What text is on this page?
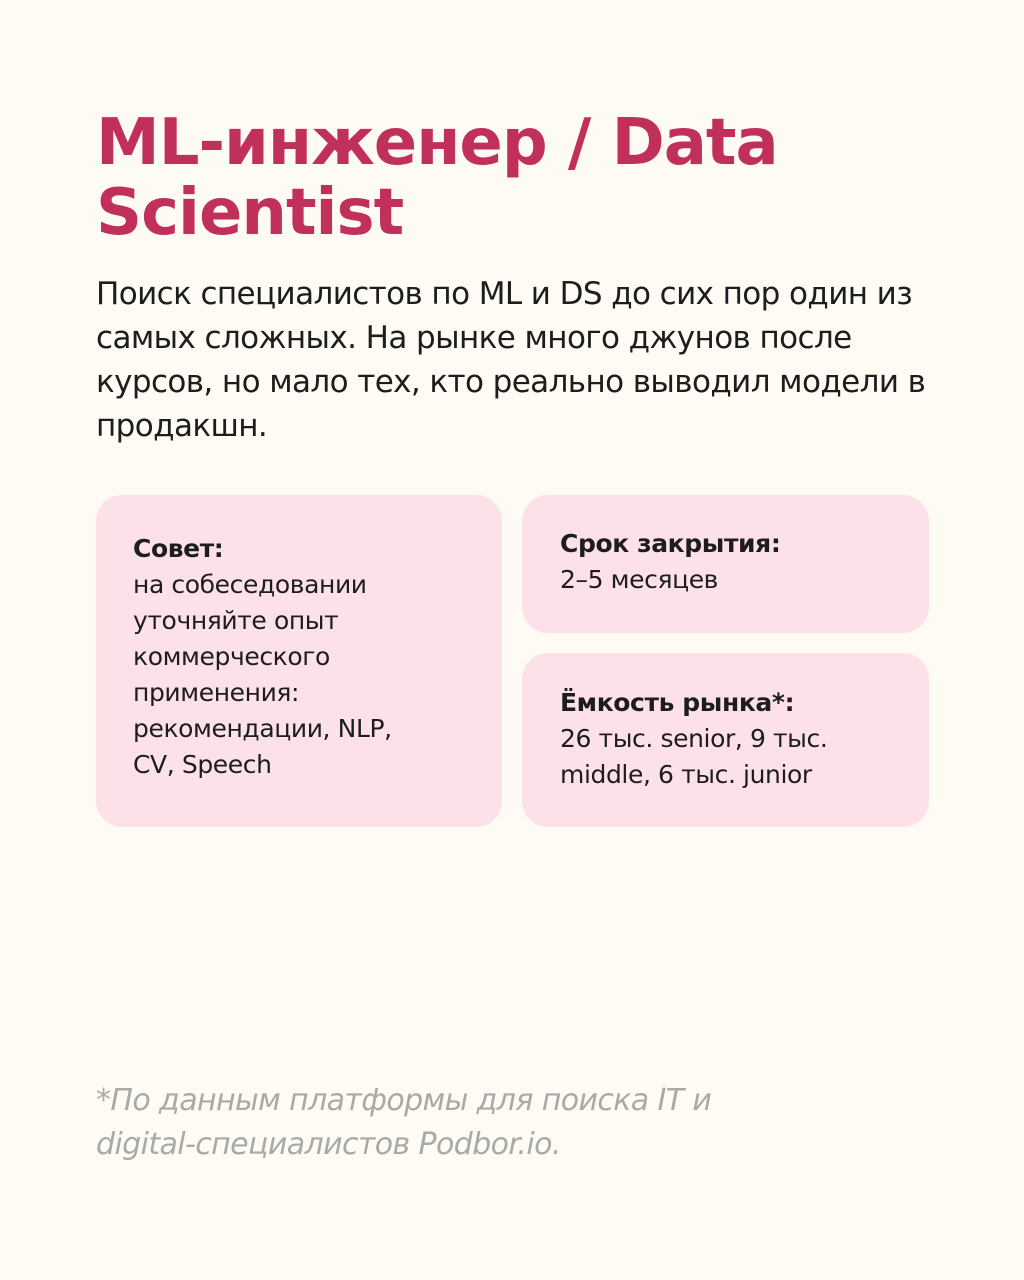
ML-инженер / Data Scientist

Поиск специалистов по ML и DS до сих пор один из самых сложных. На рынке много джунов после курсов, но мало тех, кто реально выводил модели в продакшн.

Совет:
на собеседовании уточняйте опыт коммерческого применения: рекомендации, NLP, CV, Speech
Срок закрытия:
2–5 месяцев
Ёмкость рынка*:
26 тыс. senior, 9 тыс. middle, 6 тыс. junior

*По данным платформы для поиска IT и digital-специалистов Podbor.io.
